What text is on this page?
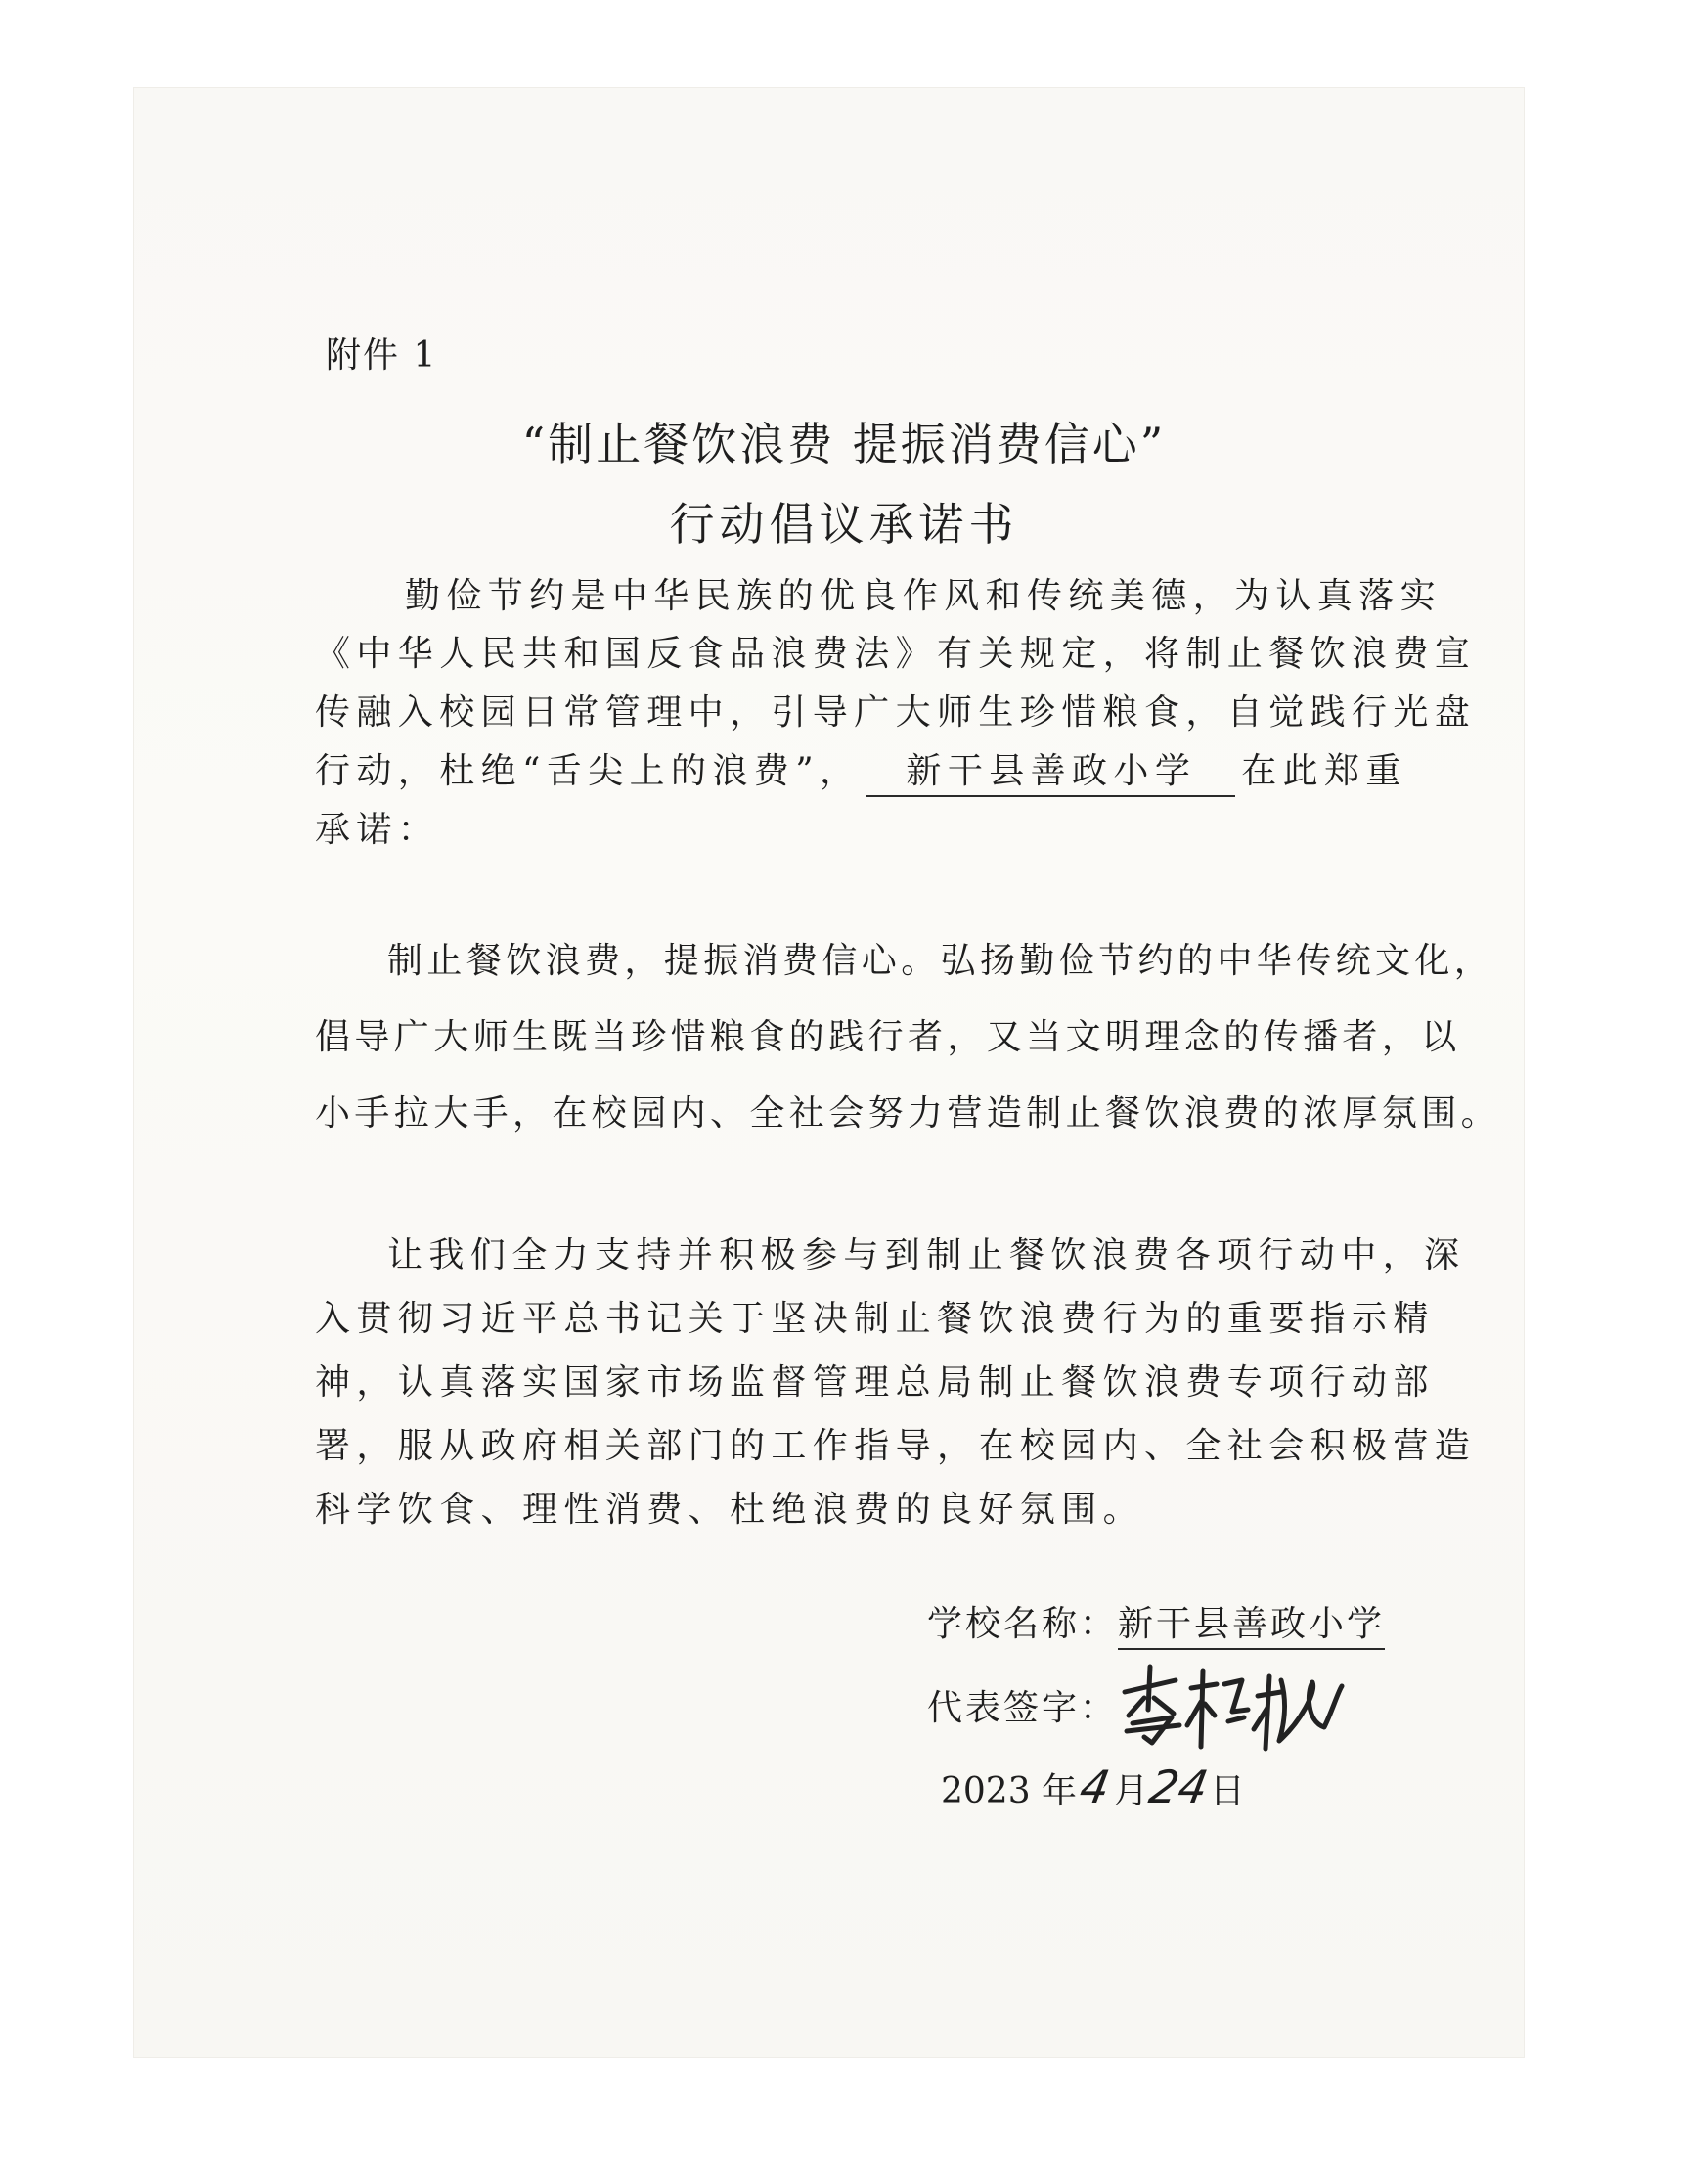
附件 1

“制止餐饮浪费 提振消费信心”

行动倡议承诺书

勤俭节约是中华民族的优良作风和传统美德，为认真落实

《中华人民共和国反食品浪费法》有关规定，将制止餐饮浪费宣

传融入校园日常管理中，引导广大师生珍惜粮食，自觉践行光盘

行动，杜绝“舌尖上的浪费”， 新干县善政小学 在此郑重

承诺：

制止餐饮浪费，提振消费信心。弘扬勤俭节约的中华传统文化，

倡导广大师生既当珍惜粮食的践行者，又当文明理念的传播者，以

小手拉大手，在校园内、全社会努力营造制止餐饮浪费的浓厚氛围。

让我们全力支持并积极参与到制止餐饮浪费各项行动中，深

入贯彻习近平总书记关于坚决制止餐饮浪费行为的重要指示精

神，认真落实国家市场监督管理总局制止餐饮浪费专项行动部

署，服从政府相关部门的工作指导，在校园内、全社会积极营造

科学饮食、理性消费、杜绝浪费的良好氛围。

学校名称：新干县善政小学

代表签字：

2023 年4月24日
